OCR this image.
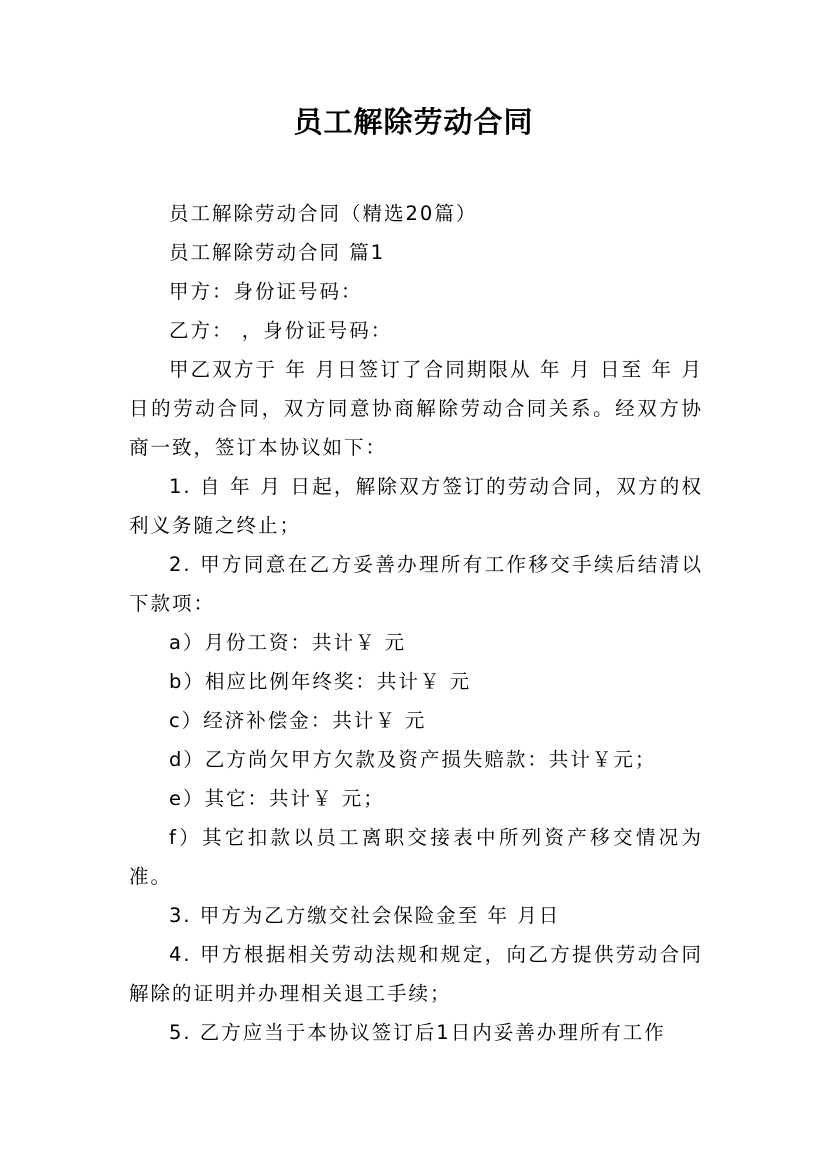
员工解除劳动合同

员工解除劳动合同（精选20篇）

员工解除劳动合同 篇1

甲方：身份证号码：

乙方： ，身份证号码：

甲乙双方于 年 月日签订了合同期限从 年 月 日至 年 月 日的劳动合同，双方同意协商解除劳动合同关系。经双方协商一致，签订本协议如下：

1. 自 年 月 日起，解除双方签订的劳动合同，双方的权利义务随之终止；

2. 甲方同意在乙方妥善办理所有工作移交手续后结清以下款项：

a）月份工资：共计￥ 元

b）相应比例年终奖：共计￥ 元

c）经济补偿金：共计￥ 元

d）乙方尚欠甲方欠款及资产损失赔款：共计￥元；

e）其它：共计￥ 元；

f）其它扣款以员工离职交接表中所列资产移交情况为准。

3. 甲方为乙方缴交社会保险金至 年 月日

4. 甲方根据相关劳动法规和规定，向乙方提供劳动合同解除的证明并办理相关退工手续；

5. 乙方应当于本协议签订后1日内妥善办理所有工作
